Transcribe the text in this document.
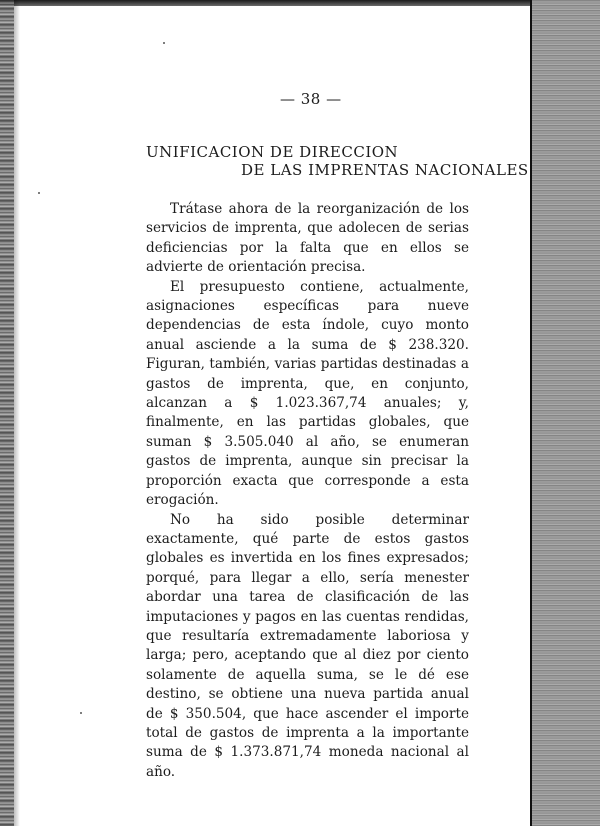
— 38 —
UNIFICACION DE DIRECCION
DE LAS IMPRENTAS NACIONALES

Trátase ahora de la reorganización de los servicios de imprenta, que adolecen de serias deficiencias por la falta que en ellos se advierte de orientación precisa.

El presupuesto contiene, actualmente, asignaciones específicas para nueve dependencias de esta índole, cuyo monto anual asciende a la suma de $ 238.320. Figuran, también, varias partidas destinadas a gastos de imprenta, que, en conjunto, alcanzan a $ 1.023.367,74 anuales; y, finalmente, en las partidas globales, que suman $ 3.505.040 al año, se enumeran gastos de imprenta, aunque sin precisar la proporción exacta que corresponde a esta erogación.

No ha sido posible determinar exactamente, qué parte de estos gastos globales es invertida en los fines expresados; porqué, para llegar a ello, sería menester abordar una tarea de clasificación de las imputaciones y pagos en las cuentas rendidas, que resultaría extremadamente laboriosa y larga; pero, aceptando que al diez por ciento solamente de aquella suma, se le dé ese destino, se obtiene una nueva partida anual de $ 350.504, que hace ascender el importe total de gastos de imprenta a la importante suma de $ 1.373.871,74 moneda nacional al año.
